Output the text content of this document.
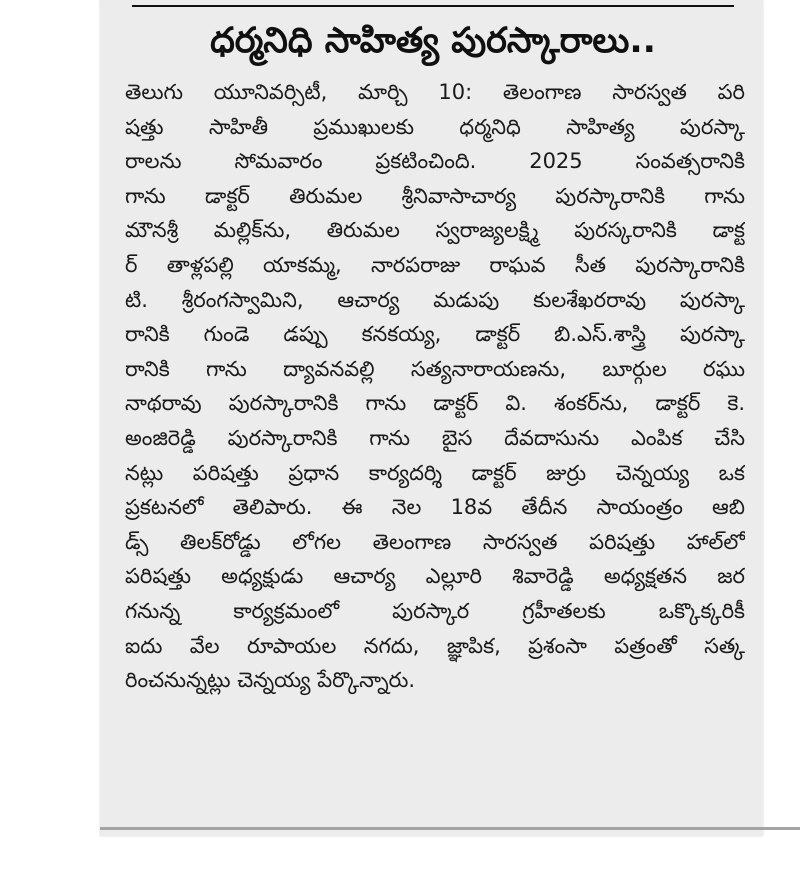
ధర్మనిధి సాహిత్య పురస్కారాలు..
తెలుగు యూనివర్సిటీ, మార్చి 10: తెలంగాణ సారస్వత పరి
షత్తు సాహితీ ప్రముఖులకు ధర్మనిధి సాహిత్య పురస్కా
రాలను సోమవారం ప్రకటించింది. 2025 సంవత్సరానికి
గాను డాక్టర్ తిరుమల శ్రీనివాసాచార్య పురస్కారానికి గాను
మౌనశ్రీ మల్లిక్‌ను, తిరుమల స్వరాజ్యలక్ష్మి పురస్కరానికి డాక్ట
ర్ తాళ్లపల్లి యాకమ్మ, నారపరాజు రాఘవ సీత పురస్కారానికి
టి. శ్రీరంగస్వామిని, ఆచార్య మడుపు కులశేఖరరావు పురస్కా
రానికి గుండె డప్పు కనకయ్య, డాక్టర్ బి.ఎస్.శాస్త్రి పురస్కా
రానికి గాను ద్యావనవల్లి సత్యనారాయణను, బూర్గుల రఘు
నాథరావు పురస్కారానికి గాను డాక్టర్ వి. శంకర్‌ను, డాక్టర్ కె.
అంజిరెడ్డి పురస్కారానికి గాను బైస దేవదాసును ఎంపిక చేసి
నట్లు పరిషత్తు ప్రధాన కార్యదర్శి డాక్టర్ జుర్రు చెన్నయ్య ఒక
ప్రకటనలో తెలిపారు. ఈ నెల 18వ తేదీన సాయంత్రం ఆబి
డ్స్ తిలక్‌రోడ్డు లోగల తెలంగాణ సారస్వత పరిషత్తు హాల్‌లో
పరిషత్తు అధ్యక్షుడు ఆచార్య ఎల్లూరి శివారెడ్డి అధ్యక్షతన జర
గనున్న కార్యక్రమంలో పురస్కార గ్రహీతలకు ఒక్కొక్కరికీ
ఐదు వేల రూపాయల నగదు, జ్ఞాపిక, ప్రశంసా పత్రంతో సత్క
రించనున్నట్లు చెన్నయ్య పేర్కొన్నారు.
